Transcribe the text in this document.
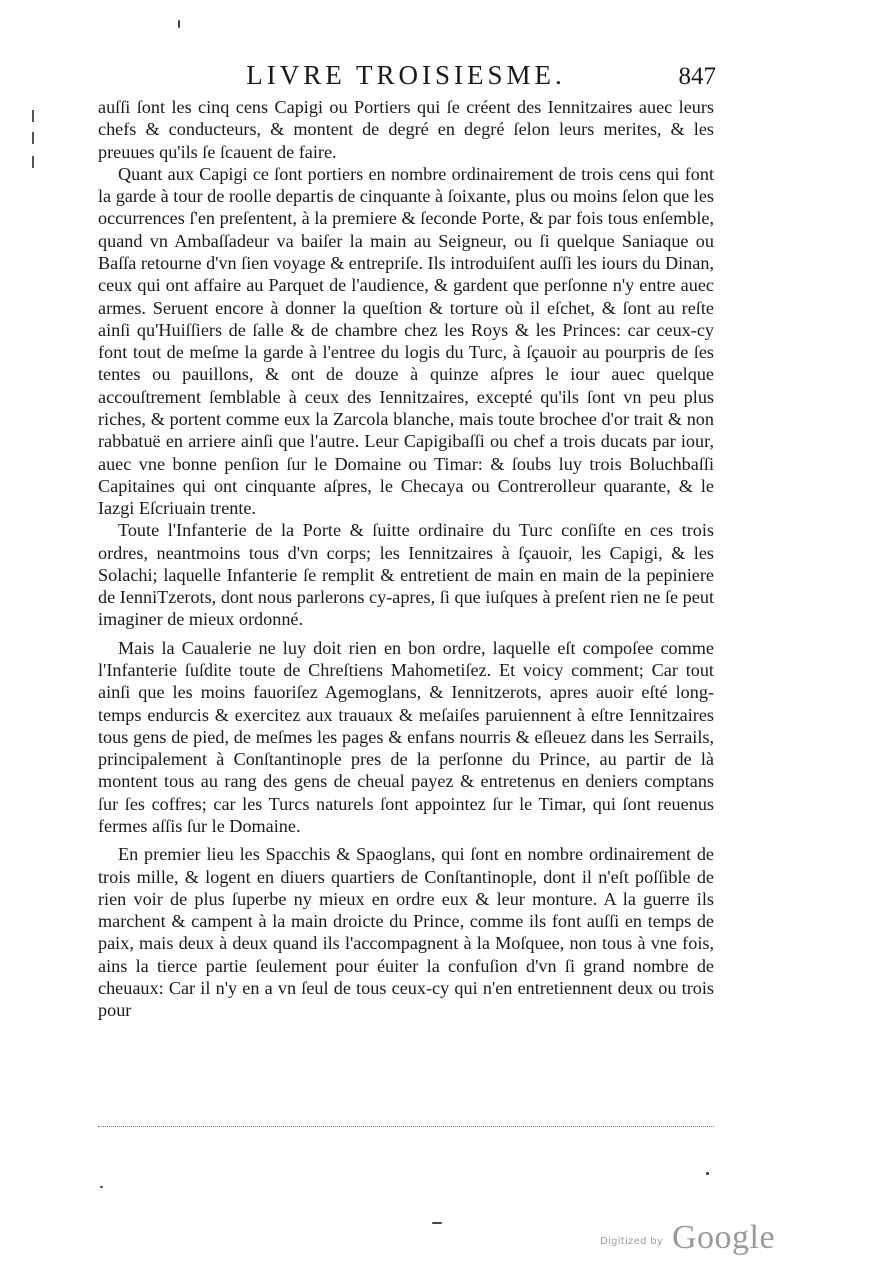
LIVRE TROISIESME.	847

auſſi ſont les cinq cens Capigi ou Portiers qui ſe créent des Iennitzaires auec leurs chefs & conducteurs, & montent de degré en degré ſelon leurs merites, & les preuues qu'ils ſe ſcauent de faire.

Quant aux Capigi ce ſont portiers en nombre ordinairement de trois cens qui font la garde à tour de roolle departis de cinquante à ſoixante, plus ou moins ſelon que les occurrences ſ'en preſentent, à la premiere & ſeconde Porte, & par fois tous enſemble, quand vn Ambaſſadeur va baiſer la main au Seigneur, ou ſi quelque Saniaque ou Baſſa retourne d'vn ſien voyage & entrepriſe. Ils introduiſent auſſi les iours du Dinan, ceux qui ont affaire au Parquet de l'audience, & gardent que perſonne n'y entre auec armes. Seruent encore à donner la queſtion & torture où il eſchet, & ſont au reſte ainſi qu'Huiſſiers de ſalle & de chambre chez les Roys & les Princes: car ceux-cy font tout de meſme la garde à l'entree du logis du Turc, à ſçauoir au pourpris de ſes tentes ou pauillons, & ont de douze à quinze aſpres le iour auec quelque accouſtrement ſemblable à ceux des Iennitzaires, excepté qu'ils ſont vn peu plus riches, & portent comme eux la Zarcola blanche, mais toute brochee d'or trait & non rabbatuë en arriere ainſi que l'autre. Leur Capigibaſſi ou chef a trois ducats par iour, auec vne bonne penſion ſur le Domaine ou Timar: & ſoubs luy trois Boluchbaſſi Capitaines qui ont cinquante aſpres, le Checaya ou Contrerolleur quarante, & le Iazgi Eſcriuain trente.

Toute l'Infanterie de la Porte & ſuitte ordinaire du Turc conſiſte en ces trois ordres, neantmoins tous d'vn corps; les Iennitzaires à ſçauoir, les Capigi, & les Solachi; laquelle Infanterie ſe remplit & entretient de main en main de la pepiniere de IenniTzerots, dont nous parlerons cy-apres, ſi que iuſques à preſent rien ne ſe peut imaginer de mieux ordonné.

Mais la Caualerie ne luy doit rien en bon ordre, laquelle eſt compoſee comme l'Infanterie ſuſdite toute de Chreſtiens Mahometiſez. Et voicy comment; Car tout ainſi que les moins fauoriſez Agemoglans, & Iennitzerots, apres auoir eſté long-temps endurcis & exercitez aux trauaux & meſaiſes paruiennent à eſtre Iennitzaires tous gens de pied, de meſmes les pages & enfans nourris & eſleuez dans les Serrails, principalement à Conſtantinople pres de la perſonne du Prince, au partir de là montent tous au rang des gens de cheual payez & entretenus en deniers comptans ſur ſes coffres; car les Turcs naturels ſont appointez ſur le Timar, qui ſont reuenus fermes aſſis ſur le Domaine.

En premier lieu les Spacchis & Spaoglans, qui ſont en nombre ordinairement de trois mille, & logent en diuers quartiers de Conſtantinople, dont il n'eſt poſſible de rien voir de plus ſuperbe ny mieux en ordre eux & leur monture. A la guerre ils marchent & campent à la main droicte du Prince, comme ils font auſſi en temps de paix, mais deux à deux quand ils l'accompagnent à la Moſquee, non tous à vne fois, ains la tierce partie ſeulement pour éuiter la confuſion d'vn ſi grand nombre de cheuaux: Car il n'y en a vn ſeul de tous ceux-cy qui n'en entretiennent deux ou trois pour

Digitized by Google
